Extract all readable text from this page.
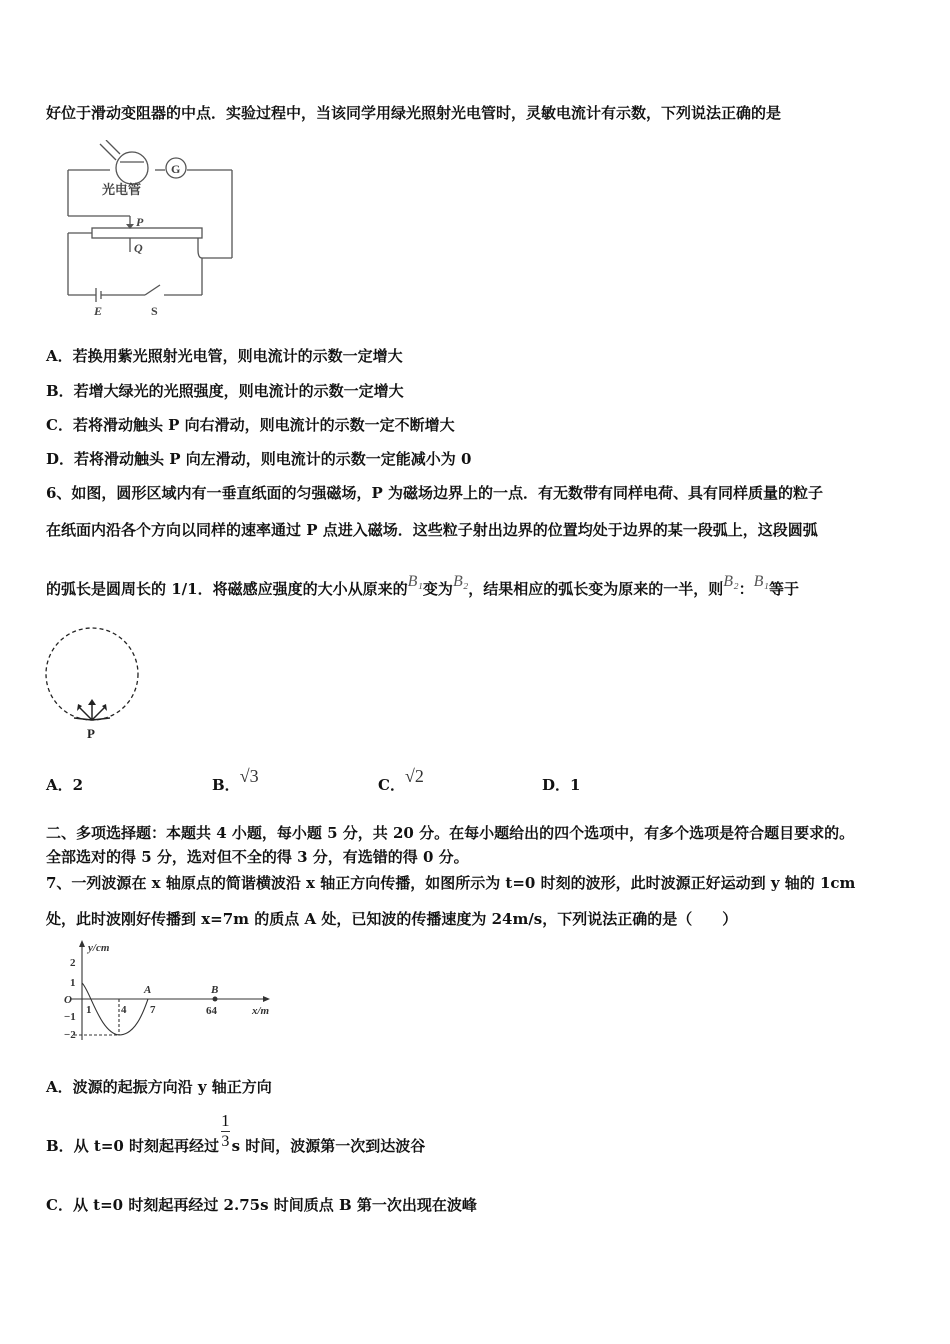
好位于滑动变阻器的中点．实验过程中，当该同学用绿光照射光电管时，灵敏电流计有示数，下列说法正确的是
光电管
G
P
Q
E	S
A．若换用紫光照射光电管，则电流计的示数一定增大
B．若增大绿光的光照强度，则电流计的示数一定增大
C．若将滑动触头 P 向右滑动，则电流计的示数一定不断增大
D．若将滑动触头 P 向左滑动，则电流计的示数一定能减小为 0
6、如图，圆形区域内有一垂直纸面的匀强磁场，P 为磁场边界上的一点．有无数带有同样电荷、具有同样质量的粒子
在纸面内沿各个方向以同样的速率通过 P 点进入磁场．这些粒子射出边界的位置均处于边界的某一段弧上，这段圆弧
的弧长是圆周长的 1/1．将磁感应强度的大小从原来的B₁变为B₂，结果相应的弧长变为原来的一半，则B₂：B₁等于
P
A．2	B．√3	C．√2	D．1
二、多项选择题：本题共 4 小题，每小题 5 分，共 20 分。在每小题给出的四个选项中，有多个选项是符合题目要求的。
全部选对的得 5 分，选对但不全的得 3 分，有选错的得 0 分。
7、一列波源在 x 轴原点的简谐横波沿 x 轴正方向传播，如图所示为 t=0 时刻的波形，此时波源正好运动到 y 轴的 1cm
处，此时波刚好传播到 x=7m 的质点 A 处，已知波的传播速度为 24m/s，下列说法正确的是（　　）
y/cm
x/m
O
2
1
−1
−2
1	4 7
A	B
64
A．波源的起振方向沿 y 轴正方向
B．从 t=0 时刻起再经过 $\frac{1}{3}$ s 时间，波源第一次到达波谷
C．从 t=0 时刻起再经过 2.75s 时间质点 B 第一次出现在波峰
